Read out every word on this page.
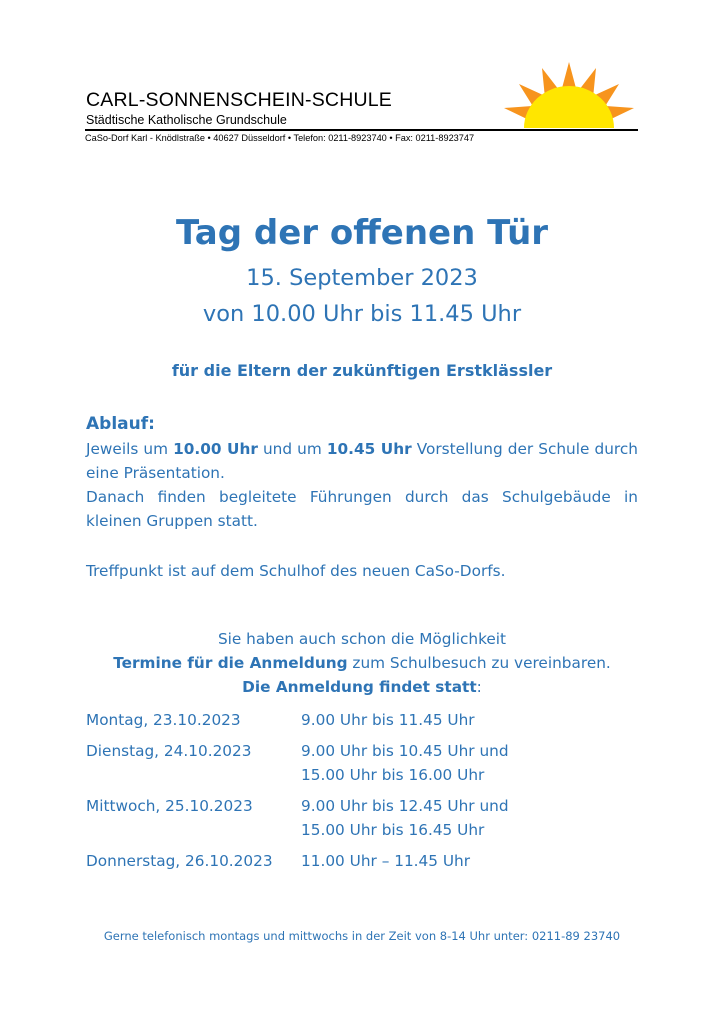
CARL-SONNENSCHEIN-SCHULE
Städtische Katholische Grundschule
CaSo-Dorf Karl - Knödlstraße • 40627 Düsseldorf • Telefon: 0211-8923740 • Fax: 0211-8923747
Tag der offenen Tür
15. September 2023
von 10.00 Uhr bis 11.45 Uhr
für die Eltern der zukünftigen Erstklässler
Ablauf:
Jeweils um 10.00 Uhr und um 10.45 Uhr Vorstellung der Schule durch eine Präsentation.
Danach finden begleitete Führungen durch das Schulgebäude in kleinen Gruppen statt.
Treffpunkt ist auf dem Schulhof des neuen CaSo-Dorfs.
Sie haben auch schon die Möglichkeit
Termine für die Anmeldung zum Schulbesuch zu vereinbaren.
Die Anmeldung findet statt:
Montag, 23.10.2023	9.00 Uhr bis 11.45 Uhr
Dienstag, 24.10.2023	9.00 Uhr bis 10.45 Uhr und
15.00 Uhr bis 16.00 Uhr
Mittwoch, 25.10.2023	9.00 Uhr bis 12.45 Uhr und
15.00 Uhr bis 16.45 Uhr
Donnerstag, 26.10.2023 11.00 Uhr – 11.45 Uhr
Gerne telefonisch montags und mittwochs in der Zeit von 8-14 Uhr unter: 0211-89 23740
